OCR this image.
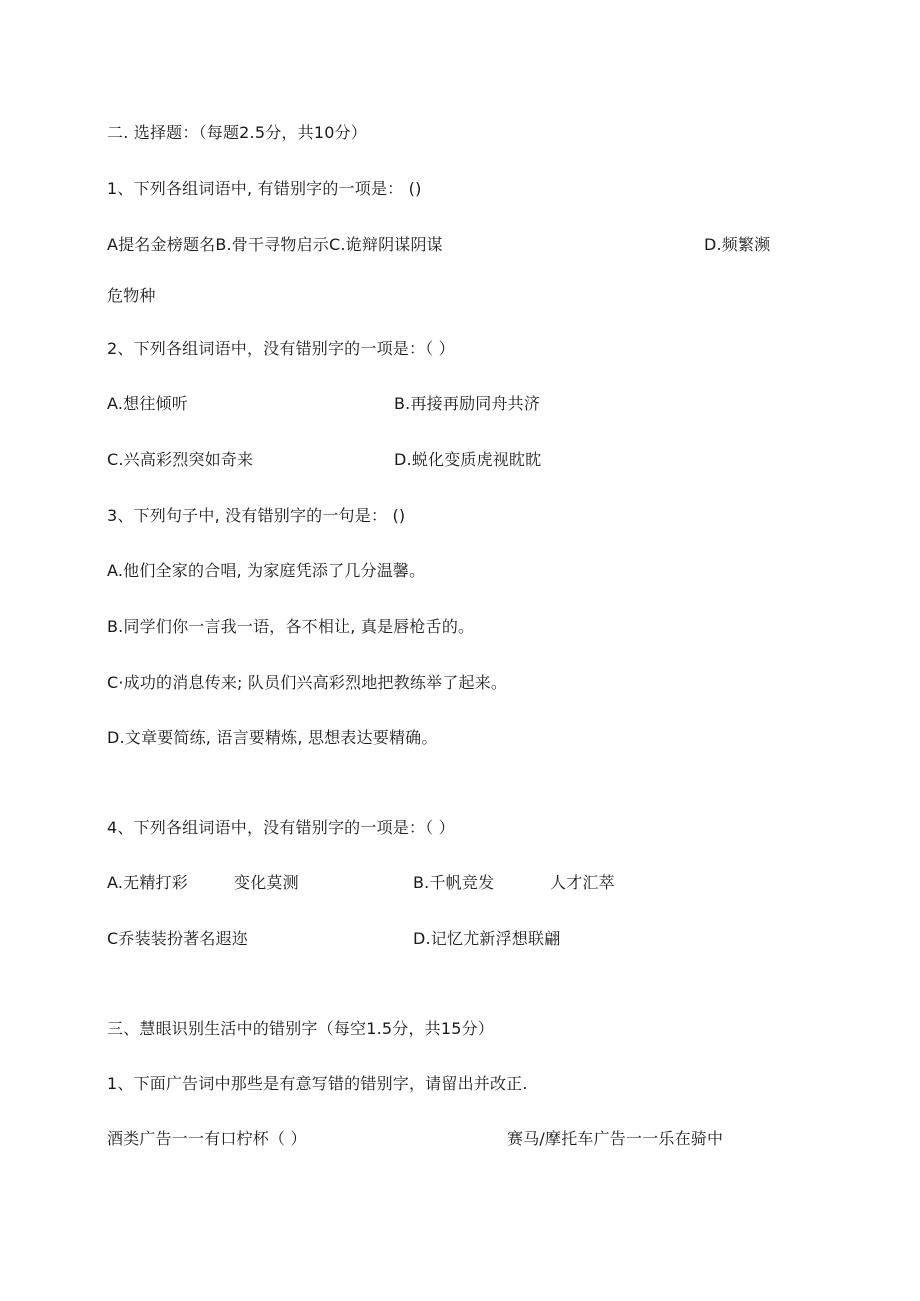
二. 选择题：（每题2.5分，共10分）
1、下列各组词语中, 有错别字的一项是： ()
A提名金榜题名B.骨干寻物启示C.诡辩阴谋阴谋	D.频繁濒
危物种
2、下列各组词语中，没有错别字的一项是：（ ）
A.想往倾听	B.再接再励同舟共济
C.兴高彩烈突如奇来	D.蜕化变质虎视眈眈
3、下列句子中, 没有错别字的一句是： ()
A.他们全家的合唱, 为家庭凭添了几分温馨。
B.同学们你一言我一语，各不相让, 真是唇枪舌的。
C·成功的消息传来; 队员们兴高彩烈地把教练举了起来。
D.文章要简练, 语言要精炼, 思想表达要精确。
4、下列各组词语中，没有错别字的一项是：（ ）
A.无精打彩	变化莫测	B.千帆竞发	人才汇萃
C乔装装扮著名遐迩	D.记忆尤新浮想联翩
三、慧眼识别生活中的错别字（每空1.5分，共15分）
1、下面广告词中那些是有意写错的错别字，请留出并改正.
酒类广告一一有口柠杯（ ）	赛马/摩托车广告一一乐在骑中
